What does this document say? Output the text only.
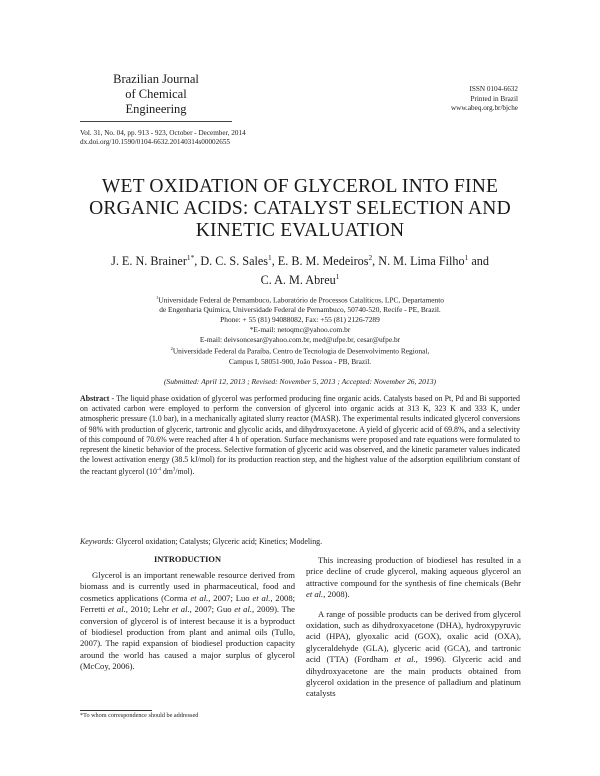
Brazilian Journal
of Chemical
Engineering
ISSN 0104-6632
Printed in Brazil
www.abeq.org.br/bjche
Vol. 31, No. 04, pp. 913 - 923, October - December, 2014
dx.doi.org/10.1590/0104-6632.20140314s00002655
WET OXIDATION OF GLYCEROL INTO FINE ORGANIC ACIDS: CATALYST SELECTION AND KINETIC EVALUATION
J. E. N. Brainer$^{1*}$, D. C. S. Sales$^1$, E. B. M. Medeiros$^2$, N. M. Lima Filho$^1$ and
C. A. M. Abreu$^1$
$^1$Universidade Federal de Pernambuco, Laboratório de Processos Catalíticos, LPC, Departamento
de Engenharia Química, Universidade Federal de Pernambuco, 50740-520, Recife - PE, Brazil.
Phone: + 55 (81) 94088082, Fax: +55 (81) 2126-7289
*E-mail: netoqmc@yahoo.com.br
E-mail: deivsoncesar@yahoo.com.br, med@ufpe.br, cesar@ufpe.br
$^2$Universidade Federal da Paraíba, Centro de Tecnologia de Desenvolvimento Regional,
Campus I, 58051-900, João Pessoa - PB, Brazil.
(Submitted: April 12, 2013 ; Revised: November 5, 2013 ; Accepted: November 26, 2013)
Abstract - The liquid phase oxidation of glycerol was performed producing fine organic acids. Catalysts based on Pt, Pd and Bi supported on activated carbon were employed to perform the conversion of glycerol into organic acids at 313 K, 323 K and 333 K, under atmospheric pressure (1.0 bar), in a mechanically agitated slurry reactor (MASR). The experimental results indicated glycerol conversions of 98% with production of glyceric, tartronic and glycolic acids, and dihydroxyacetone. A yield of glyceric acid of 69.8%, and a selectivity of this compound of 70.6% were reached after 4 h of operation. Surface mechanisms were proposed and rate equations were formulated to represent the kinetic behavior of the process. Selective formation of glyceric acid was observed, and the kinetic parameter values indicated the lowest activation energy (38.5 kJ/mol) for its production reaction step, and the highest value of the adsorption equilibrium constant of the reactant glycerol ($10^{-4}$ $dm^3/mol$).
Keywords: Glycerol oxidation; Catalysts; Glyceric acid; Kinetics; Modeling.
INTRODUCTION

Glycerol is an important renewable resource derived from biomass and is currently used in pharmaceutical, food and cosmetics applications (Corma et al., 2007; Luo et al., 2008; Ferretti et al., 2010; Lehr et al., 2007; Guo et al., 2009). The conversion of glycerol is of interest because it is a byproduct of biodiesel production from plant and animal oils (Tullo, 2007). The rapid expansion of biodiesel production capacity around the world has caused a major surplus of glycerol (McCoy, 2006).

This increasing production of biodiesel has resulted in a price decline of crude glycerol, making aqueous glycerol an attractive compound for the synthesis of fine chemicals (Behr et al., 2008).

A range of possible products can be derived from glycerol oxidation, such as dihydroxyacetone (DHA), hydroxypyruvic acid (HPA), glyoxalic acid (GOX), oxalic acid (OXA), glyceraldehyde (GLA), glyceric acid (GCA), and tartronic acid (TTA) (Fordham et al., 1996). Glyceric acid and dihydroxyacetone are the main products obtained from glycerol oxidation in the presence of palladium and platinum catalysts

*To whom correspondence should be addressed
